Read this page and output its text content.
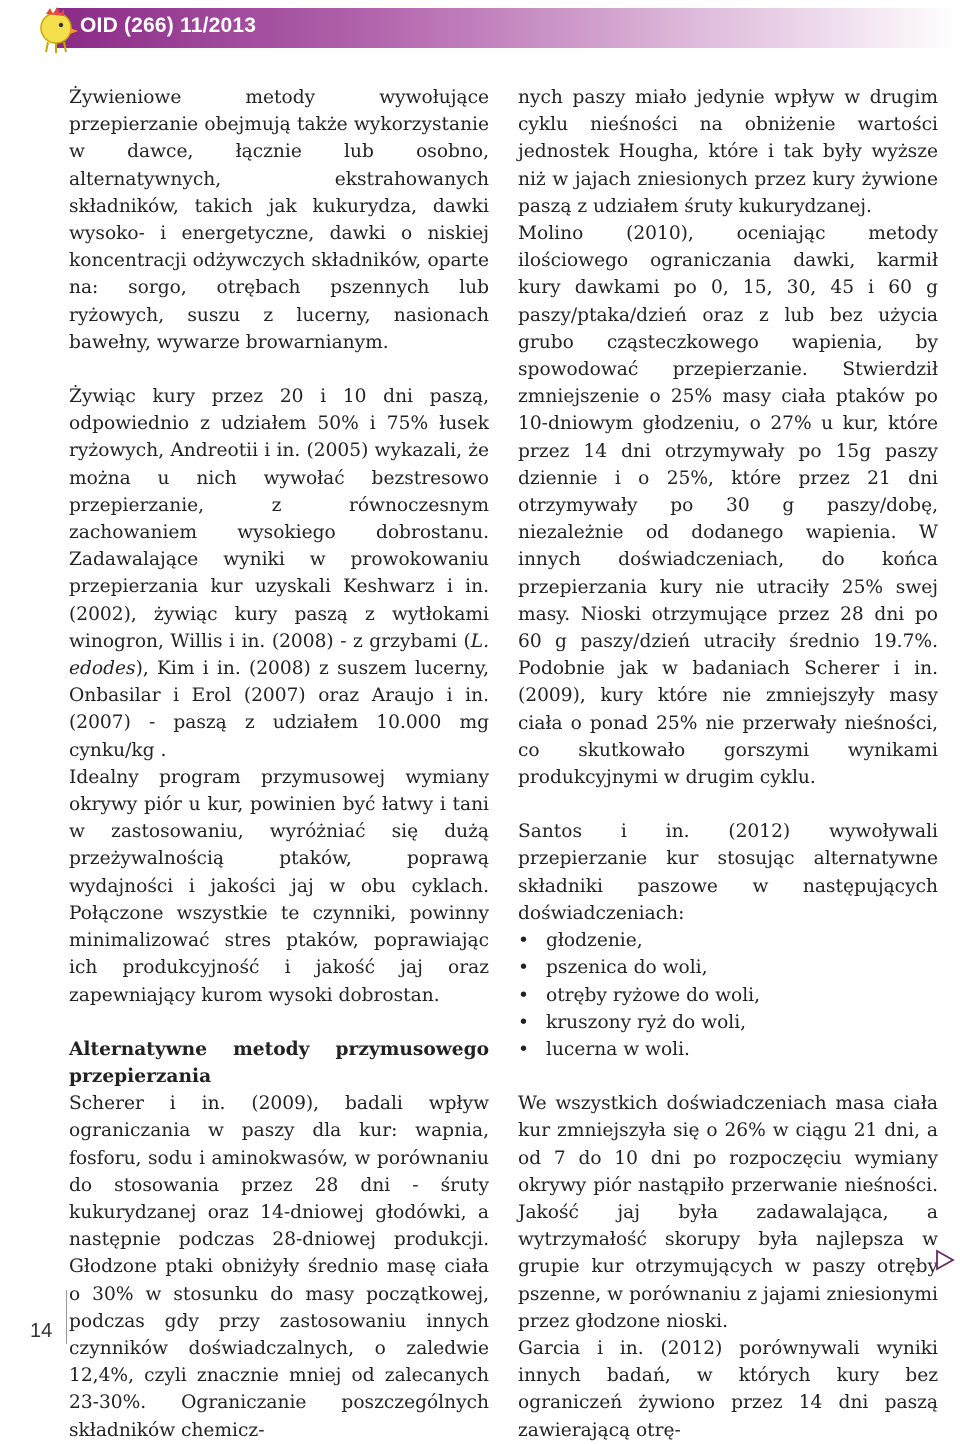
OID (266) 11/2013

Żywieniowe metody wywołujące przepierzanie obejmują także wykorzystanie w dawce, łącznie lub osobno, alternatywnych, ekstrahowanych składników, takich jak kukurydza, dawki wysoko- i energetyczne, dawki o niskiej koncentracji odżywczych składników, oparte na: sorgo, otrębach pszennych lub ryżowych, suszu z lucerny, nasionach bawełny, wywarze browarnianym.

Żywiąc kury przez 20 i 10 dni paszą, odpowiednio z udziałem 50% i 75% łusek ryżowych, Andreotii i in. (2005) wykazali, że można u nich wywołać bezstresowo przepierzanie, z równoczesnym zachowaniem wysokiego dobrostanu. Zadawalające wyniki w prowokowaniu przepierzania kur uzyskali Keshwarz i in. (2002), żywiąc kury paszą z wytłokami winogron, Willis i in. (2008) - z grzybami (L. edodes), Kim i in. (2008) z suszem lucerny, Onbasilar i Erol (2007) oraz Araujo i in. (2007) - paszą z udziałem 10.000 mg cynku/kg .

Idealny program przymusowej wymiany okrywy piór u kur, powinien być łatwy i tani w zastosowaniu, wyróżniać się dużą przeżywalnością ptaków, poprawą wydajności i jakości jaj w obu cyklach. Połączone wszystkie te czynniki, powinny minimalizować stres ptaków, poprawiając ich produkcyjność i jakość jaj oraz zapewniający kurom wysoki dobrostan.

Alternatywne metody przymusowego przepierzania

Scherer i in. (2009), badali wpływ ograniczania w paszy dla kur: wapnia, fosforu, sodu i aminokwasów, w porównaniu do stosowania przez 28 dni - śruty kukurydzanej oraz 14-dniowej głodówki, a następnie podczas 28-dniowej produkcji. Głodzone ptaki obniżyły średnio masę ciała o 30% w stosunku do masy początkowej, podczas gdy przy zastosowaniu innych czynników doświadczalnych, o zaledwie 12,4%, czyli znacznie mniej od zalecanych 23-30%. Ograniczanie poszczególnych składników chemicz-

nych paszy miało jedynie wpływ w drugim cyklu nieśności na obniżenie wartości jednostek Hougha, które i tak były wyższe niż w jajach zniesionych przez kury żywione paszą z udziałem śruty kukurydzanej.

Molino (2010), oceniając metody ilościowego ograniczania dawki, karmił kury dawkami po 0, 15, 30, 45 i 60 g paszy/ptaka/dzień oraz z lub bez użycia grubo cząsteczkowego wapienia, by spowodować przepierzanie. Stwierdził zmniejszenie o 25% masy ciała ptaków po 10-dniowym głodzeniu, o 27% u kur, które przez 14 dni otrzymywały po 15g paszy dziennie i o 25%, które przez 21 dni otrzymywały po 30 g paszy/dobę, niezależnie od dodanego wapienia. W innych doświadczeniach, do końca przepierzania kury nie utraciły 25% swej masy. Nioski otrzymujące przez 28 dni po 60 g paszy/dzień utraciły średnio 19.7%. Podobnie jak w badaniach Scherer i in. (2009), kury które nie zmniejszyły masy ciała o ponad 25% nie przerwały nieśności, co skutkowało gorszymi wynikami produkcyjnymi w drugim cyklu.

Santos i in. (2012) wywoływali przepierzanie kur stosując alternatywne składniki paszowe w następujących doświadczeniach:

• głodzenie,
• pszenica do woli,
• otręby ryżowe do woli,
• kruszony ryż do woli,
• lucerna w woli.

We wszystkich doświadczeniach masa ciała kur zmniejszyła się o 26% w ciągu 21 dni, a od 7 do 10 dni po rozpoczęciu wymiany okrywy piór nastąpiło przerwanie nieśności. Jakość jaj była zadawalająca, a wytrzymałość skorupy była najlepsza w grupie kur otrzymujących w paszy otręby pszenne, w porównaniu z jajami zniesionymi przez głodzone nioski.

Garcia i in. (2012) porównywali wyniki innych badań, w których kury bez ograniczeń żywiono przez 14 dni paszą zawierającą otrę-

14
